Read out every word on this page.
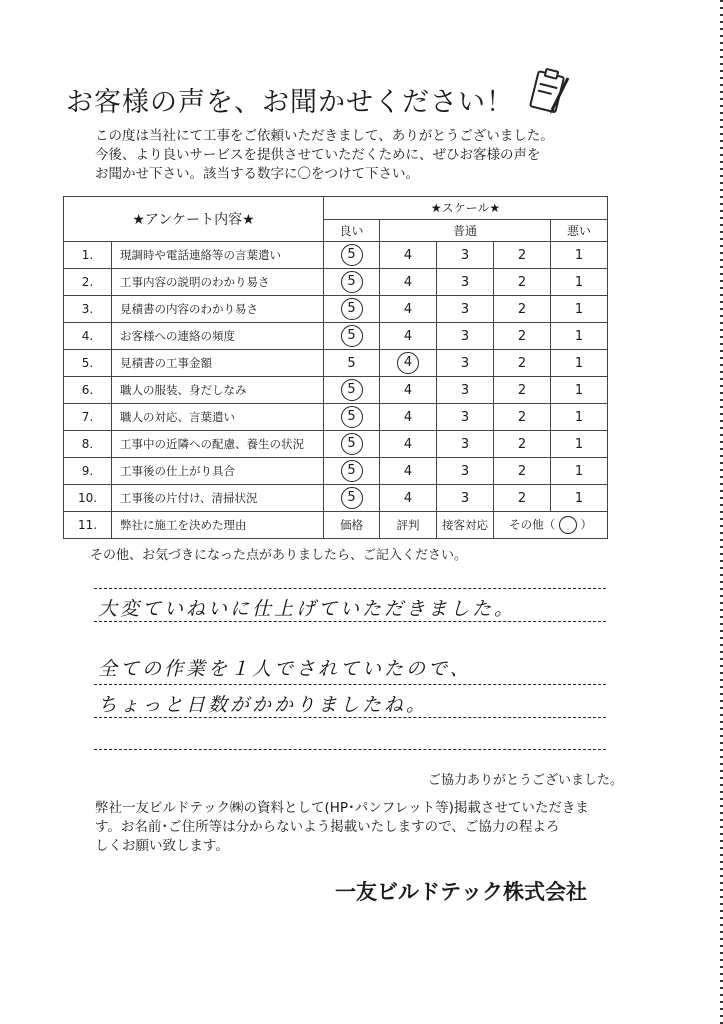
お客様の声を、お聞かせください！
この度は当社にて工事をご依頼いただきまして、ありがとうございました。
今後、より良いサービスを提供させていただくために、ぜひお客様の声を
お聞かせ下さい。該当する数字に〇をつけて下さい。
★アンケート内容★		★スケール★				
		良い	普通			悪い
1.	現調時や電話連絡等の言葉遣い	5	4	3	2	1
2.	工事内容の説明のわかり易さ	5	4	3	2	1
3.	見積書の内容のわかり易さ	5	4	3	2	1
4.	お客様への連絡の頻度	5	4	3	2	1
5.	見積書の工事金額	5	4	3	2	1
6.	職人の服装、身だしなみ	5	4	3	2	1
7.	職人の対応、言葉遣い	5	4	3	2	1
8.	工事中の近隣への配慮、養生の状況	5	4	3	2	1
9.	工事後の仕上がり具合	5	4	3	2	1
10.	工事後の片付け、清掃状況	5	4	3	2	1
11.	弊社に施工を決めた理由	価格	評判	接客対応	その他（ ）	
その他、お気づきになった点がありましたら、ご記入ください。
大変ていねいに仕上げていただきました。
全ての作業を１人でされていたので、
ちょっと日数がかかりましたね。
ご協力ありがとうございました。
弊社一友ビルドテック㈱の資料として(HP･パンフレット等)掲載させていただきま
す。お名前･ご住所等は分からないよう掲載いたしますので、ご協力の程よろ
しくお願い致します。
一友ビルドテック株式会社
